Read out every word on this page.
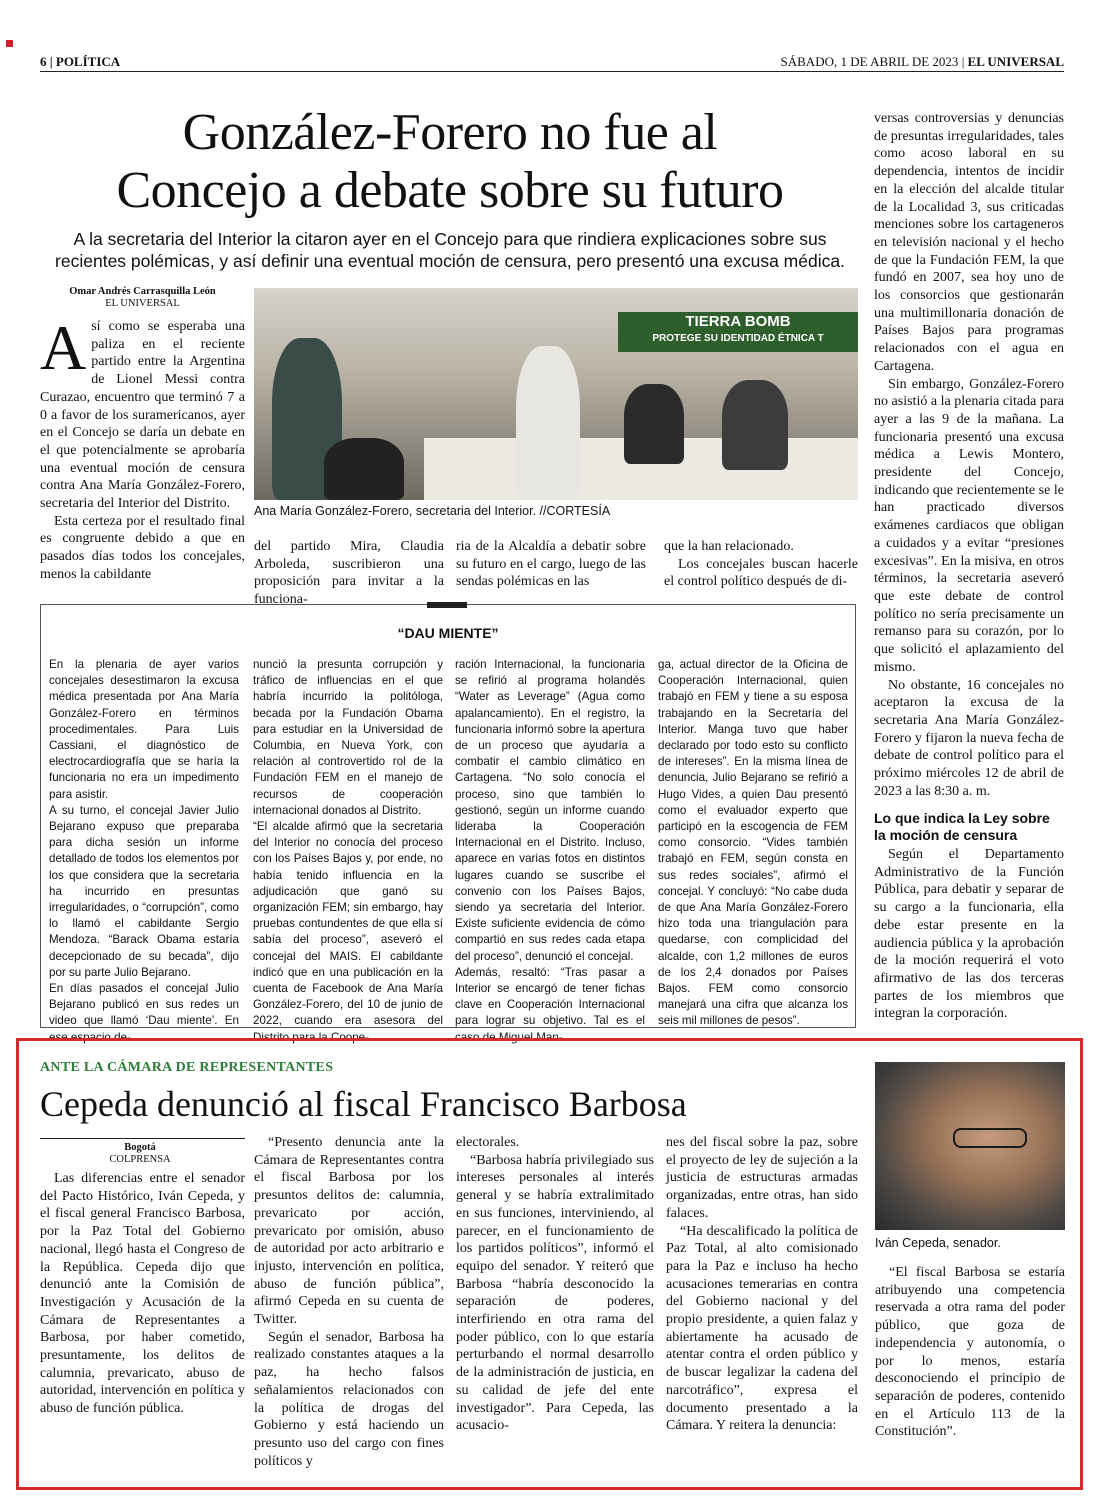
6 | POLÍTICA	SÁBADO, 1 DE ABRIL DE 2023 | EL UNIVERSAL
González-Forero no fue al
Concejo a debate sobre su futuro
A la secretaria del Interior la citaron ayer en el Concejo para que rindiera explicaciones sobre sus recientes polémicas, y así definir una eventual moción de censura, pero presentó una excusa médica.
Omar Andrés Carrasquilla León
EL UNIVERSAL

Así como se esperaba una paliza en el reciente partido entre la Argentina de Lionel Messi contra Curazao, encuentro que terminó 7 a 0 a favor de los suramericanos, ayer en el Concejo se daría un debate en el que potencialmente se aprobaría una eventual moción de censura contra Ana María González-Forero, secretaria del Interior del Distrito.

Esta certeza por el resultado final es congruente debido a que en pasados días todos los concejales, menos la cabildante

TIERRA BOMB
PROTEGE SU IDENTIDAD ÉTNICA T
Ana María González-Forero, secretaria del Interior. //CORTESÍA

del partido Mira, Claudia Arboleda, suscribieron una proposición para invitar a la funciona-

ria de la Alcaldía a debatir sobre su futuro en el cargo, luego de las sendas polémicas en las

que la han relacionado.

Los concejales buscan hacerle el control político después de di-

versas controversias y denuncias de presuntas irregularidades, tales como acoso laboral en su dependencia, intentos de incidir en la elección del alcalde titular de la Localidad 3, sus criticadas menciones sobre los cartageneros en televisión nacional y el hecho de que la Fundación FEM, la que fundó en 2007, sea hoy uno de los consorcios que gestionarán una multimillonaria donación de Países Bajos para programas relacionados con el agua en Cartagena.

Sin embargo, González-Forero no asistió a la plenaria citada para ayer a las 9 de la mañana. La funcionaria presentó una excusa médica a Lewis Montero, presidente del Concejo, indicando que recientemente se le han practicado diversos exámenes cardiacos que obligan a cuidados y a evitar “presiones excesivas”. En la misiva, en otros términos, la secretaria aseveró que este debate de control político no sería precisamente un remanso para su corazón, por lo que solicitó el aplazamiento del mismo.

No obstante, 16 concejales no aceptaron la excusa de la secretaria Ana María González-Forero y fijaron la nueva fecha de debate de control político para el próximo miércoles 12 de abril de 2023 a las 8:30 a. m.

Lo que indica la Ley sobre la moción de censura

Según el Departamento Administrativo de la Función Pública, para debatir y separar de su cargo a la funcionaria, ella debe estar presente en la audiencia pública y la aprobación de la moción requerirá el voto afirmativo de las dos terceras partes de los miembros que integran la corporación.

“DAU MIENTE”
En la plenaria de ayer varios concejales desestimaron la excusa médica presentada por Ana María González-Forero en términos procedimentales. Para Luis Cassiani, el diagnóstico de electrocardiografía que se haría la funcionaria no era un impedimento para asistir.
A su turno, el concejal Javier Julio Bejarano expuso que preparaba para dicha sesión un informe detallado de todos los elementos por los que considera que la secretaria ha incurrido en presuntas irregularidades, o “corrupción”, como lo llamó el cabildante Sergio Mendoza. “Barack Obama estaría decepcionado de su becada”, dijo por su parte Julio Bejarano.
En días pasados el concejal Julio Bejarano publicó en sus redes un video que llamó ‘Dau miente’. En ese espacio de-
nunció la presunta corrupción y tráfico de influencias en el que habría incurrido la politóloga, becada por la Fundación Obama para estudiar en la Universidad de Columbia, en Nueva York, con relación al controvertido rol de la Fundación FEM en el manejo de recursos de cooperación internacional donados al Distrito.
“El alcalde afirmó que la secretaria del Interior no conocía del proceso con los Países Bajos y, por ende, no había tenido influencia en la adjudicación que ganó su organización FEM; sin embargo, hay pruebas contundentes de que ella sí sabía del proceso”, aseveró el concejal del MAIS. El cabildante indicó que en una publicación en la cuenta de Facebook de Ana María González-Forero, del 10 de junio de 2022, cuando era asesora del Distrito para la Coope-
ración Internacional, la funcionaria se refirió al programa holandés “Water as Leverage” (Agua como apalancamiento). En el registro, la funcionaria informó sobre la apertura de un proceso que ayudaría a combatir el cambio climático en Cartagena. “No solo conocía el proceso, sino que también lo gestionó, según un informe cuando lideraba la Cooperación Internacional en el Distrito. Incluso, aparece en varias fotos en distintos lugares cuando se suscribe el convenio con los Países Bajos, siendo ya secretaria del Interior. Existe suficiente evidencia de cómo compartió en sus redes cada etapa del proceso”, denunció el concejal.
Además, resaltó: “Tras pasar a Interior se encargó de tener fichas clave en Cooperación Internacional para lograr su objetivo. Tal es el caso de Miguel Man-
ga, actual director de la Oficina de Cooperación Internacional, quien trabajó en FEM y tiene a su esposa trabajando en la Secretaría del Interior. Manga tuvo que haber declarado por todo esto su conflicto de intereses”. En la misma línea de denuncia, Julio Bejarano se refirió a Hugo Vides, a quien Dau presentó como el evaluador experto que participó en la escogencia de FEM como consorcio. “Vides también trabajó en FEM, según consta en sus redes sociales”, afirmó el concejal. Y concluyó: “No cabe duda de que Ana María González-Forero hizo toda una triangulación para quedarse, con complicidad del alcalde, con 1,2 millones de euros de los 2,4 donados por Países Bajos. FEM como consorcio manejará una cifra que alcanza los seis mil millones de pesos”.
ANTE LA CÁMARA DE REPRESENTANTES
Cepeda denunció al fiscal Francisco Barbosa
Bogotá
COLPRENSA

Las diferencias entre el senador del Pacto Histórico, Iván Cepeda, y el fiscal general Francisco Barbosa, por la Paz Total del Gobierno nacional, llegó hasta el Congreso de la República. Cepeda dijo que denunció ante la Comisión de Investigación y Acusación de la Cámara de Representantes a Barbosa, por haber cometido, presuntamente, los delitos de calumnia, prevaricato, abuso de autoridad, intervención en política y abuso de función pública.

“Presento denuncia ante la Cámara de Representantes contra el fiscal Barbosa por los presuntos delitos de: calumnia, prevaricato por acción, prevaricato por omisión, abuso de autoridad por acto arbitrario e injusto, intervención en política, abuso de función pública”, afirmó Cepeda en su cuenta de Twitter.

Según el senador, Barbosa ha realizado constantes ataques a la paz, ha hecho falsos señalamientos relacionados con la política de drogas del Gobierno y está haciendo un presunto uso del cargo con fines políticos y

electorales.

“Barbosa habría privilegiado sus intereses personales al interés general y se habría extralimitado en sus funciones, interviniendo, al parecer, en el funcionamiento de los partidos políticos”, informó el equipo del senador. Y reiteró que Barbosa “habría desconocido la separación de poderes, interfiriendo en otra rama del poder público, con lo que estaría perturbando el normal desarrollo de la administración de justicia, en su calidad de jefe del ente investigador”. Para Cepeda, las acusacio-

nes del fiscal sobre la paz, sobre el proyecto de ley de sujeción a la justicia de estructuras armadas organizadas, entre otras, han sido falaces.

“Ha descalificado la política de Paz Total, al alto comisionado para la Paz e incluso ha hecho acusaciones temerarias en contra del Gobierno nacional y del propio presidente, a quien falaz y abiertamente ha acusado de atentar contra el orden público y de buscar legalizar la cadena del narcotráfico”, expresa el documento presentado a la Cámara. Y reitera la denuncia:

Iván Cepeda, senador.

“El fiscal Barbosa se estaría atribuyendo una competencia reservada a otra rama del poder público, que goza de independencia y autonomía, o por lo menos, estaría desconociendo el principio de separación de poderes, contenido en el Artículo 113 de la Constitución”.
